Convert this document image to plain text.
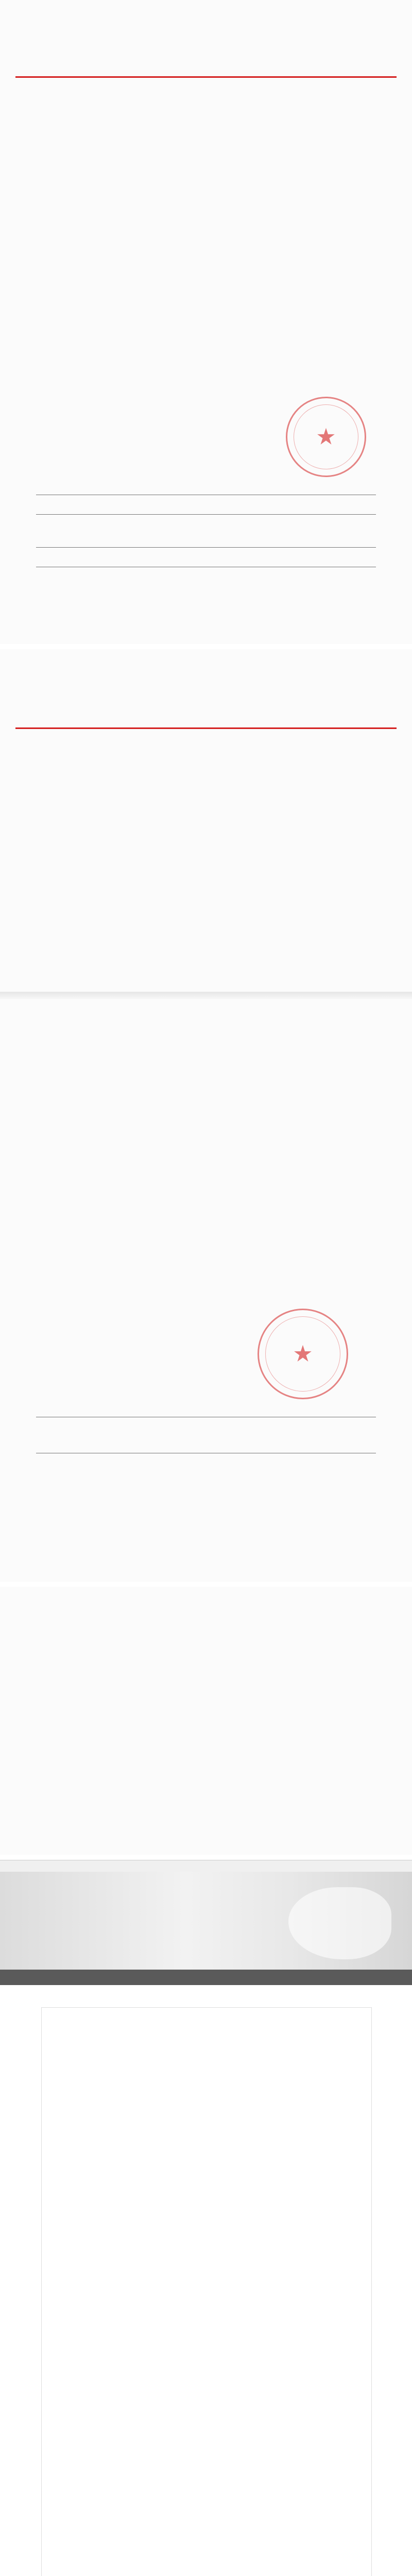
★
★
